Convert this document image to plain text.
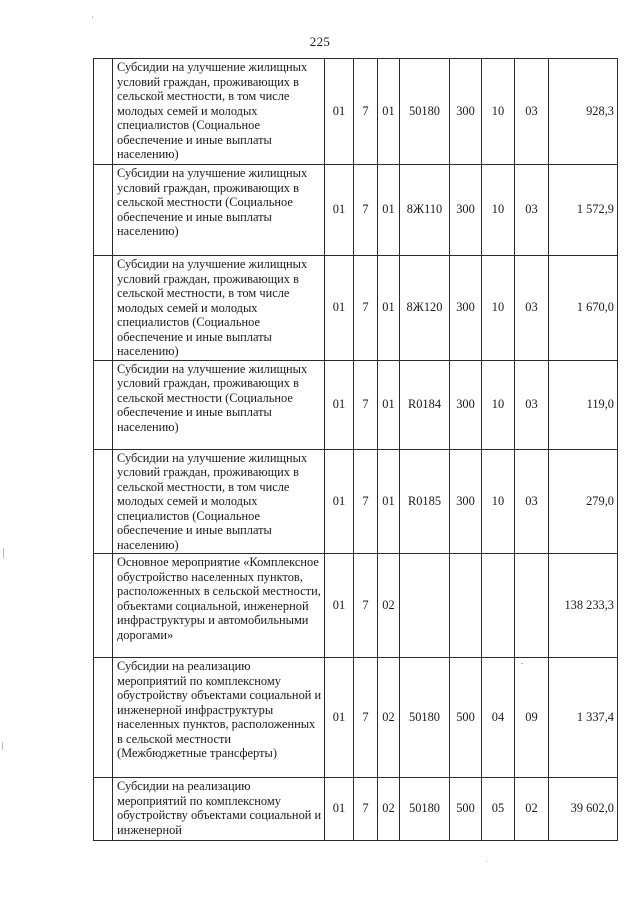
225
	Субсидии на улучшение жилищных условий граждан, проживающих в сельской местности, в том числе молодых семей и молодых специалистов (Социальное обеспечение и иные выплаты населению)	01	7	01	50180	300	10	03	928,3
	Субсидии на улучшение жилищных условий граждан, проживающих в сельской местности (Социальное обеспечение и иные выплаты населению)	01	7	01	8Ж110	300	10	03	1 572,9
	Субсидии на улучшение жилищных условий граждан, проживающих в сельской местности, в том числе молодых семей и молодых специалистов (Социальное обеспечение и иные выплаты населению)	01	7	01	8Ж120	300	10	03	1 670,0
	Субсидии на улучшение жилищных условий граждан, проживающих в сельской местности (Социальное обеспечение и иные выплаты населению)	01	7	01	R0184	300	10	03	119,0
	Субсидии на улучшение жилищных условий граждан, проживающих в сельской местности, в том числе молодых семей и молодых специалистов (Социальное обеспечение и иные выплаты населению)	01	7	01	R0185	300	10	03	279,0
	Основное мероприятие «Комплексное обустройство населенных пунктов, расположенных в сельской местности, объектами социальной, инженерной инфраструктуры и автомобильными дорогами»	01	7	02					138 233,3
	Субсидии на реализацию мероприятий по комплексному обустройству объектами социальной и инженерной инфраструктуры населенных пунктов, расположенных в сельской местности (Межбюджетные трансферты)	01	7	02	50180	500	04	09	1 337,4
	Субсидии на реализацию мероприятий по комплексному обустройству объектами социальной и инженерной	01	7	02	50180	500	05	02	39 602,0
